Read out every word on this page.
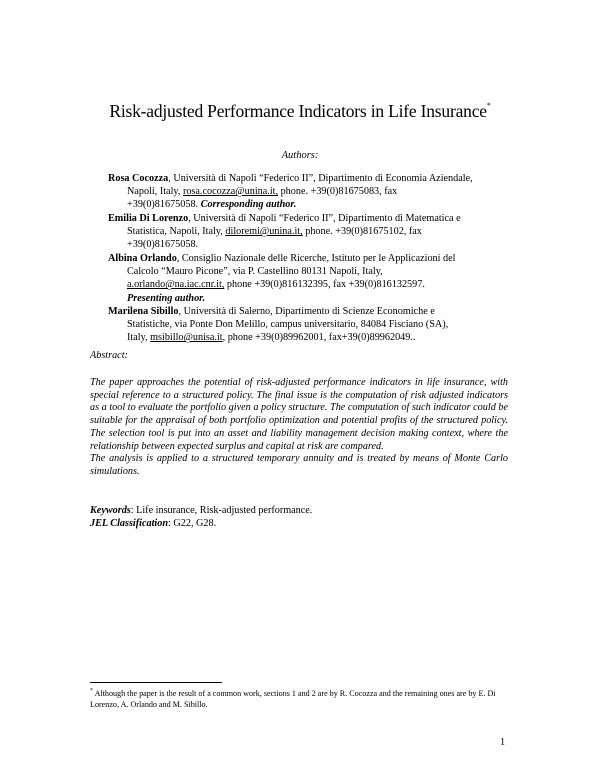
Risk-adjusted Performance Indicators in Life Insurance*
Authors:
Rosa Cocozza, Università di Napoli “Federico II”, Dipartimento di Economia Aziendale,
Napoli, Italy, rosa.cocozza@unina.it, phone. +39(0)81675083, fax
+39(0)81675058. Corresponding author.
Emilia Di Lorenzo, Università di Napoli “Federico II”, Dipartimento di Matematica e
Statistica, Napoli, Italy, diloremi@unina.it, phone. +39(0)81675102, fax
+39(0)81675058.
Albina Orlando, Consiglio Nazionale delle Ricerche, Istituto per le Applicazioni del
Calcolo “Mauro Picone”, via P. Castellino 80131 Napoli, Italy,
a.orlando@na.iac.cnr.it, phone +39(0)816132395, fax +39(0)816132597.
Presenting author.
Marilena Sibillo, Università di Salerno, Dipartimento di Scienze Economiche e
Statistiche, via Ponte Don Melillo, campus universitario, 84084 Fisciano (SA),
Italy, msibillo@unisa.it, phone +39(0)89962001, fax+39(0)89962049..
Abstract:

The paper approaches the potential of risk-adjusted performance indicators in life insurance, with special reference to a structured policy. The final issue is the computation of risk adjusted indicators as a tool to evaluate the portfolio given a policy structure. The computation of such indicator could be suitable for the appraisal of both portfolio optimization and potential profits of the structured policy. The selection tool is put into an asset and liability management decision making context, where the relationship between expected surplus and capital at risk are compared.

The analysis is applied to a structured temporary annuity and is treated by means of Monte Carlo simulations.

Keywords: Life insurance, Risk-adjusted performance.
JEL Classification: G22, G28.
* Although the paper is the result of a common work, sections 1 and 2 are by R. Cocozza and the remaining ones are by E. Di Lorenzo, A. Orlando and M. Sibillo.
1
